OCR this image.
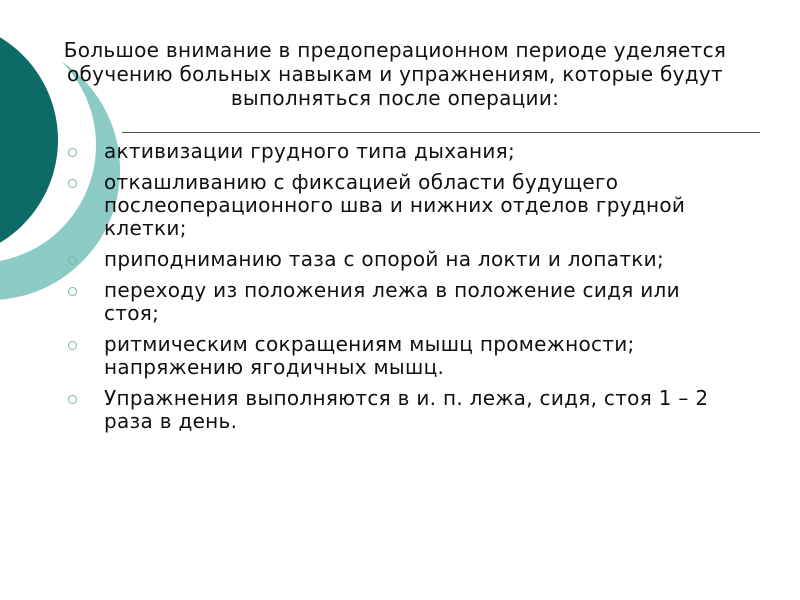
Большое внимание в предоперационном периоде уделяется обучению больных навыкам и упражнениям, которые будут выполняться после операции:

активизации грудного типа дыхания;
откашливанию с фиксацией области будущего послеоперационного шва и нижних отделов грудной клетки;
приподниманию таза с опорой на локти и лопатки;
переходу из положения лежа в положение сидя или стоя;
ритмическим сокращениям мышц промежности; напряжению ягодичных мышц.
Упражнения выполняются в и. п. лежа, сидя, стоя 1 – 2 раза в день.
